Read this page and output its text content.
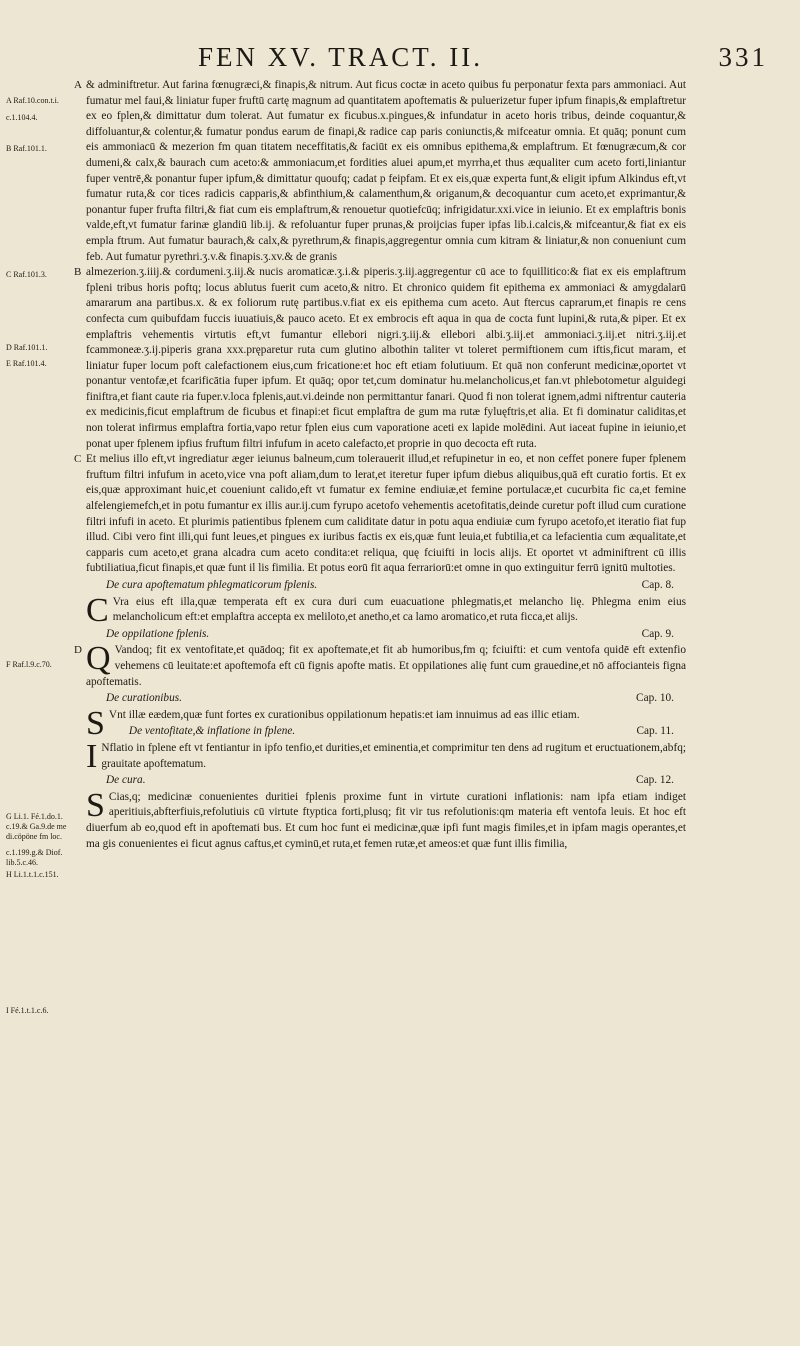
FEN XV. TRACT. II.	331
A Raf.10.con.t.i.
c.1.104.4.
B Raf.101.1.
C Raf.101.3.
D Raf.101.1.
E Raf.101.4.
F Raf.l.9.c.70.
G Li.1. Fé.1.do.1. c.19.& Ga.9.de me di.cöpöne fm loc.
c.1.199.g.& Diof. lib.5.c.46.
H Li.1.t.1.c.151.
I Fé.1.t.1.c.6.

A & adminiftretur. Aut farina fœnugræci,& finapis,& nitrum. Aut ficus coctæ in aceto quibus fu perponatur fexta pars ammoniaci. Aut fumatur mel faui,& liniatur fuper fruftū cartę magnum ad quantitatem apoftematis & puluerizetur fuper ipfum finapis,& emplaftretur ex eo fplen,& dimittatur dum tolerat. Aut fumatur ex ficubus.x.pingues,& infundatur in aceto horis tribus, deinde coquantur,& diffoluantur,& colentur,& fumatur pondus earum de finapi,& radice cap paris coniunctis,& mifceatur omnia. Et quāq; ponunt cum eis ammoniacū & mezerion fm quan titatem neceffitatis,& faciūt ex eis omnibus epithema,& emplaftrum. Et fœnugræcum,& cor dumeni,& calx,& baurach cum aceto:& ammoniacum,et fordities aluei apum,et myrrha,et thus æqualiter cum aceto forti,liniantur fuper ventrē,& ponantur fuper ipfum,& dimittatur quoufq; cadat p feipfam. Et ex eis,quæ experta funt,& eligit ipfum Alkindus eft,vt fumatur ruta,& cor tices radicis capparis,& abfinthium,& calamenthum,& origanum,& decoquantur cum aceto,et exprimantur,& ponantur fuper frufta filtri,& fiat cum eis emplaftrum,& renouetur quotiefcūq; infrigidatur.xxi.vice in ieiunio. Et ex emplaftris bonis valde,eft,vt fumatur farinæ glandiū lib.ij. & refoluantur fuper prunas,& proijcias fuper ipfas lib.i.calcis,& mifceantur,& fiat ex eis empla ftrum. Aut fumatur baurach,& calx,& pyrethrum,& finapis,aggregentur omnia cum kitram & liniatur,& non conueniunt cum feb. Aut fumatur pyrethri.ʒ.v.& finapis.ʒ.xv.& de granis

B almezerion.ʒ.iiij.& cordumeni.ʒ.iij.& nucis aromaticæ.ʒ.i.& piperis.ʒ.iij.aggregentur cū ace to fquillitico:& fiat ex eis emplaftrum fpleni tribus horis poftq; locus ablutus fuerit cum aceto,& nitro. Et chronico quidem fit epithema ex ammoniaci & amygdalarū amararum ana partibus.x. & ex foliorum rutę partibus.v.fiat ex eis epithema cum aceto. Aut ftercus caprarum,et finapis re cens confecta cum quibufdam fuccis iuuatiuis,& pauco aceto. Et ex embrocis eft aqua in qua de cocta funt lupini,& ruta,& piper. Et ex emplaftris vehementis virtutis eft,vt fumantur ellebori nigri.ʒ.iij.& ellebori albi.ʒ.iij.et ammoniaci.ʒ.iij.et nitri.ʒ.iij.et fcammoneæ.ʒ.ij.piperis grana xxx.pręparetur ruta cum glutino albothin taliter vt toleret permiftionem cum iftis,ficut maram, et liniatur fuper locum poft calefactionem eius,cum fricatione:et hoc eft etiam folutiuum. Et quā non conferunt medicinæ,oportet vt ponantur ventofæ,et fcarificātia fuper ipfum. Et quāq; opor tet,cum dominatur hu.melancholicus,et fan.vt phlebotometur alguidegi finiftra,et fiant caute ria fuper.v.loca fplenis,aut.vi.deinde non permittantur fanari. Quod fi non tolerat ignem,admi niftrentur cauteria ex medicinis,ficut emplaftrum de ficubus et finapi:et ficut emplaftra de gum ma rutæ fyluęftris,et alia. Et fi dominatur caliditas,et non tolerat infirmus emplaftra fortia,vapo retur fplen eius cum vaporatione aceti ex lapide molēdini. Aut iaceat fupine in ieiunio,et ponat uper fplenem ipfius fruftum filtri infufum in aceto calefacto,et proprie in quo decocta eft ruta.

C Et melius illo eft,vt ingrediatur æger ieiunus balneum,cum tolerauerit illud,et refupinetur in eo, et non ceffet ponere fuper fplenem fruftum filtri infufum in aceto,vice vna poft aliam,dum to lerat,et iteretur fuper ipfum diebus aliquibus,quā eft curatio fortis. Et ex eis,quæ approximant huic,et coueniunt calido,eft vt fumatur ex femine endiuiæ,et femine portulacæ,et cucurbita fic ca,et femine alfelengiemefch,et in potu fumantur ex illis aur.ij.cum fyrupo acetofo vehementis acetofitatis,deinde curetur poft illud cum curatione filtri infufi in aceto. Et plurimis patientibus fplenem cum caliditate datur in potu aqua endiuiæ cum fyrupo acetofo,et iteratio fiat fup illud. Cibi vero fint illi,qui funt leues,et pingues ex iuribus factis ex eis,quæ funt leuia,et fubtilia,et ca lefacientia cum æqualitate,et capparis cum aceto,et grana alcadra cum aceto condita:et reliqua, quę fciuifti in locis alijs. Et oportet vt adminiftrent cū illis fubtiliatiua,ficut finapis,et quæ funt il lis fimilia. Et potus eorū fit aqua ferrariorū:et omne in quo extinguitur ferrū ignitū multoties.

De cura apoftematum phlegmaticorum fplenis.	Cap. 8.

C Vra eius eft illa,quæ temperata eft ex cura duri cum euacuatione phlegmatis,et melancho lię. Phlegma enim eius melancholicum eft:et emplaftra accepta ex meliloto,et anetho,et ca lamo aromatico,et ruta ficca,et alijs.

De oppilatione fplenis.	Cap. 9.

D Q Vandoq; fit ex ventofitate,et quādoq; fit ex apoftemate,et fit ab humoribus,fm q; fciuifti: et cum ventofa quidē eft extenfio vehemens cū leuitate:et apoftemofa eft cū fignis apofte matis. Et oppilationes alię funt cum grauedine,et nō affocianteis figna apoftematis.

De curationibus.	Cap. 10.

S Vnt illæ eædem,quæ funt fortes ex curationibus oppilationum hepatis:et iam innuimus ad eas illic etiam.

De ventofitate,& inflatione in fplene.	Cap. 11.

I Nflatio in fplene eft vt fentiantur in ipfo tenfio,et durities,et eminentia,et comprimitur ten dens ad rugitum et eructuationem,abfq; grauitate apoftematum.

De cura.	Cap. 12.

S Cias,q; medicinæ conuenientes duritiei fplenis proxime funt in virtute curationi inflationis: nam ipfa etiam indiget aperitiuis,abfterfiuis,refolutiuis cū virtute ftyptica forti,plusq; fit vir tus refolutionis:qm materia eft ventofa leuis. Et hoc eft diuerfum ab eo,quod eft in apoftemati bus. Et cum hoc funt ei medicinæ,quæ ipfi funt magis fimiles,et in ipfam magis operantes,et ma gis conuenientes ei ficut agnus caftus,et cyminū,et ruta,et femen rutæ,et ameos:et quæ funt illis fimilia,
